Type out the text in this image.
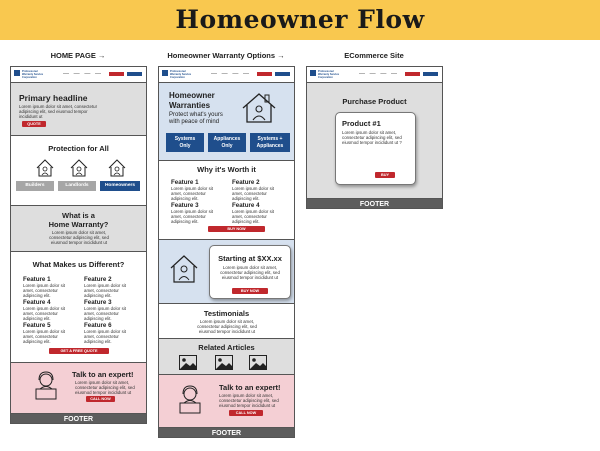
Homeowner Flow
HOME PAGE →	Homeowner Warranty Options →	ECommerce Site
Professional
Warranty Service
Corporation	— — — —
Primary headline
Lorem ipsum dolor sit amet, consectetur adipiscing elit, sed eiusmod tempor incididunt ut
QUOTE
Protection for All
Builders	Landlords	Homeowners
What is a
Home Warranty?
Lorem ipsum dolor sit amet, consectetur adipiscing elit, sed eiusmod tempor incididunt ut
What Makes us Different?
Feature 1
Lorem ipsum dolor sit amet, consectetur adipiscing elit.
Feature 2
Lorem ipsum dolor sit amet, consectetur adipiscing elit.
Feature 4
Lorem ipsum dolor sit amet, consectetur adipiscing elit.
Feature 3
Lorem ipsum dolor sit amet, consectetur adipiscing elit.
Feature 5
Lorem ipsum dolor sit amet, consectetur adipiscing elit.
Feature 6
Lorem ipsum dolor sit amet, consectetur adipiscing elit.
GET A FREE QUOTE
Talk to an expert!
Lorem ipsum dolor sit amet, consectetur adipiscing elit, sed eiusmod tempor incididunt ut
CALL NOW
FOOTER
Professional
Warranty Service
Corporation	— — — —
Homeowner
Warranties
Protect what's yours
with peace of mind
Systems
Only
Appliances
Only
Systems +
Appliances
Why it's Worth it
Feature 1
Lorem ipsum dolor sit amet, consectetur adipiscing elit.
Feature 2
Lorem ipsum dolor sit amet, consectetur adipiscing elit.
Feature 3
Lorem ipsum dolor sit amet, consectetur adipiscing elit.
Feature 4
Lorem ipsum dolor sit amet, consectetur adipiscing elit.
BUY NOW
Starting at $XX.xx
Lorem ipsum dolor sit amet, consectetur adipiscing elit, sed eiusmod tempor incididunt ut
BUY NOW
Testimonials
Lorem ipsum dolor sit amet, consectetur adipiscing elit, sed eiusmod tempor incididunt ut
Related Articles
Talk to an expert!
Lorem ipsum dolor sit amet, consectetur adipiscing elit, sed eiusmod tempor incididunt ut
CALL NOW
FOOTER
Professional
Warranty Service
Corporation	— — — —
Purchase Product
Product #1
Lorem ipsum dolor sit amet, consectetur adipiscing elit, sed eiusmod tempor incididunt ut ?
BUY
FOOTER
